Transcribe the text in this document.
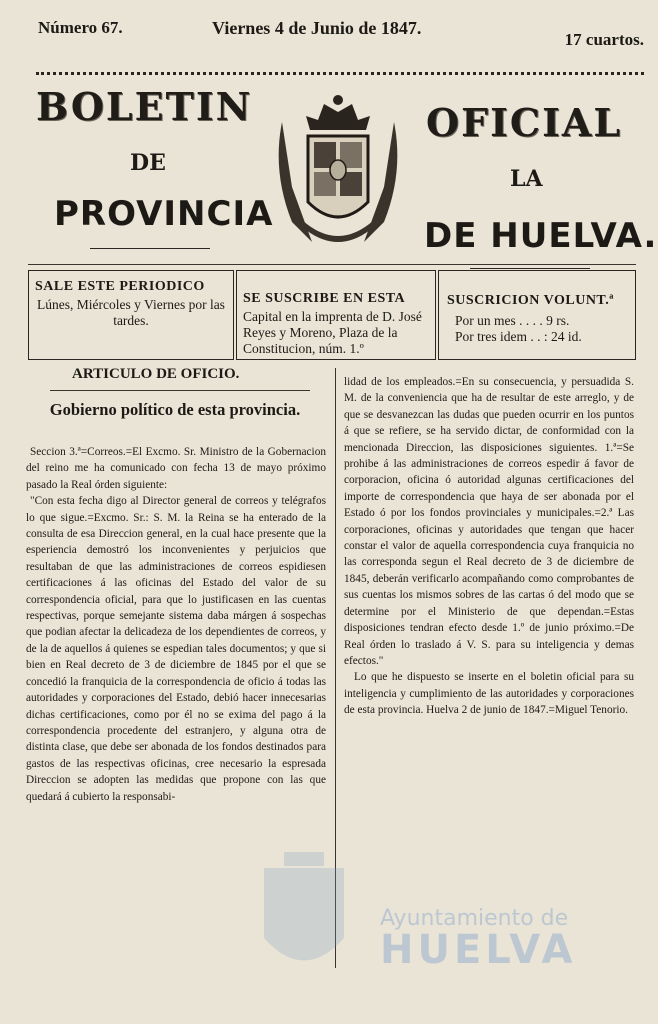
Número 67.	Viernes 4 de Junio de 1847.
17 cuartos.
BOLETIN	OFICIAL
DE
LA
PROVINCIA
DE HUELVA.
SALE ESTE PERIODICO
Lúnes, Miércoles y Viernes por las tardes.
SE SUSCRIBE EN ESTA
Capital en la imprenta de D. José Reyes y Moreno, Plaza de la Constitucion, núm. 1.º
SUSCRICION VOLUNT.ª
Por un mes . . . . 9 rs.
Por tres idem . . : 24 id.
ARTICULO DE OFICIO.
Gobierno político de esta provincia.

Seccion 3.ª=Correos.=El Excmo. Sr. Ministro de la Gobernacion del reino me ha comunicado con fecha 13 de mayo próximo pasado la Real órden siguiente:

"Con esta fecha digo al Director general de correos y telégrafos lo que sigue.=Excmo. Sr.: S. M. la Reina se ha enterado de la consulta de esa Direccion general, en la cual hace presente que la esperiencia demostró los inconvenientes y perjuicios que resultaban de que las administraciones de correos espidiesen certificaciones á las oficinas del Estado del valor de su correspondencia oficial, para que lo justificasen en las cuentas respectivas, porque semejante sistema daba márgen á sospechas que podian afectar la delicadeza de los dependientes de correos, y de la de aquellos á quienes se espedian tales documentos; y que si bien en Real decreto de 3 de diciembre de 1845 por el que se concedió la franquicia de la correspondencia de oficio á todas las autoridades y corporaciones del Estado, debió hacer innecesarias dichas certificaciones, como por él no se exima del pago á la correspondencia procedente del estranjero, y alguna otra de distinta clase, que debe ser abonada de los fondos destinados para gastos de las respectivas oficinas, cree necesario la espresada Direccion se adopten las medidas que propone con las que quedará á cubierto la responsabi-

lidad de los empleados.=En su consecuencia, y persuadida S. M. de la conveniencia que ha de resultar de este arreglo, y de que se desvanezcan las dudas que pueden ocurrir en los puntos á que se refiere, se ha servido dictar, de conformidad con la mencionada Direccion, las disposiciones siguientes. 1.ª=Se prohibe á las administraciones de correos espedir á favor de corporacion, oficina ó autoridad algunas certificaciones del importe de correspondencia que haya de ser abonada por el Estado ó por los fondos provinciales y municipales.=2.ª Las corporaciones, oficinas y autoridades que tengan que hacer constar el valor de aquella correspondencia cuya franquicia no las corresponda segun el Real decreto de 3 de diciembre de 1845, deberán verificarlo acompañando como comprobantes de sus cuentas los mismos sobres de las cartas ó del modo que se determine por el Ministerio de que dependan.=Estas disposiciones tendran efecto desde 1.º de junio próximo.=De Real órden lo traslado á V. S. para su inteligencia y demas efectos."

Lo que he dispuesto se inserte en el boletin oficial para su inteligencia y cumplimiento de las autoridades y corporaciones de esta provincia. Huelva 2 de junio de 1847.=Miguel Tenorio.

Ayuntamiento de
HUELVA
